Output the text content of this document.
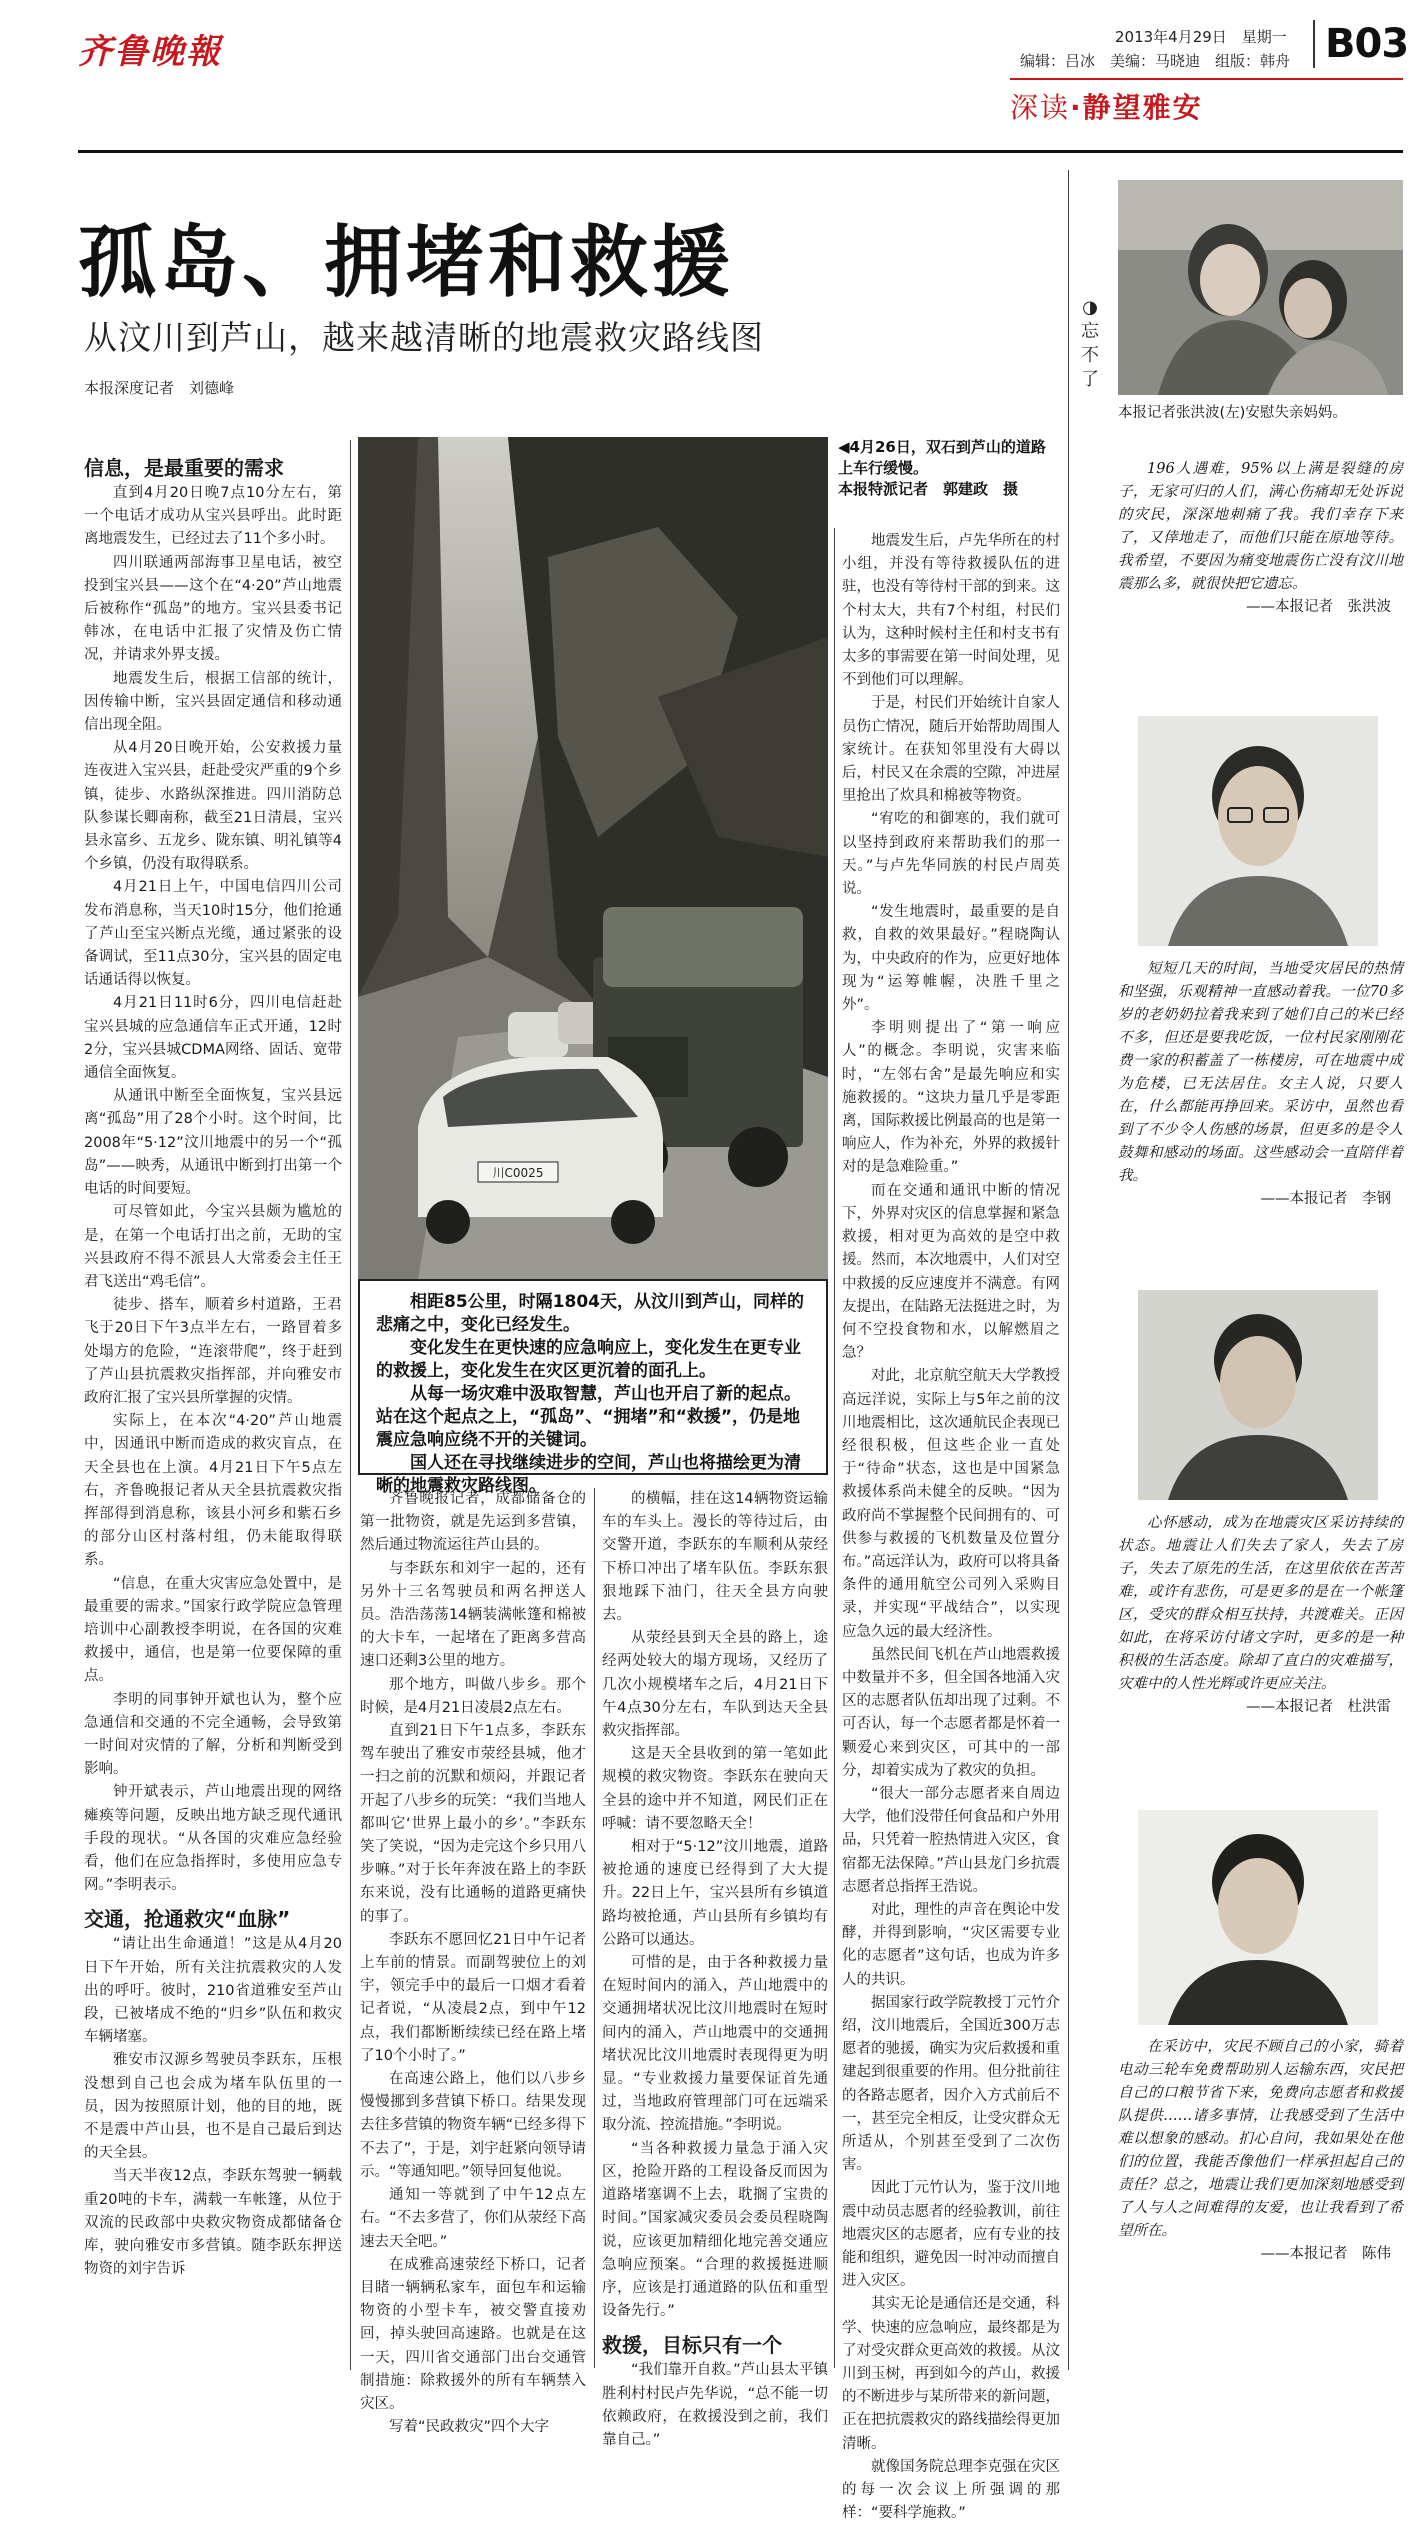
齐鲁晚報	2013年4月29日　星期一
编辑：吕冰　美编：马晓迪　组版：韩舟 B03
深读·静望雅安
孤岛、拥堵和救援
从汶川到芦山，越来越清晰的地震救灾路线图
本报深度记者　刘德峰

信息，是最重要的需求

直到4月20日晚7点10分左右，第一个电话才成功从宝兴县呼出。此时距离地震发生，已经过去了11个多小时。

四川联通两部海事卫星电话，被空投到宝兴县——这个在“4·20”芦山地震后被称作“孤岛”的地方。宝兴县委书记韩冰，在电话中汇报了灾情及伤亡情况，并请求外界支援。

地震发生后，根据工信部的统计，因传输中断，宝兴县固定通信和移动通信出现全阻。

从4月20日晚开始，公安救援力量连夜进入宝兴县，赶赴受灾严重的9个乡镇，徒步、水路纵深推进。四川消防总队参谋长卿南称，截至21日清晨，宝兴县永富乡、五龙乡、陇东镇、明礼镇等4个乡镇，仍没有取得联系。

4月21日上午，中国电信四川公司发布消息称，当天10时15分，他们抢通了芦山至宝兴断点光缆，通过紧张的设备调试，至11点30分，宝兴县的固定电话通话得以恢复。

4月21日11时6分，四川电信赶赴宝兴县城的应急通信车正式开通，12时2分，宝兴县城CDMA网络、固话、宽带通信全面恢复。

从通讯中断至全面恢复，宝兴县远离“孤岛”用了28个小时。这个时间，比2008年“5·12”汶川地震中的另一个“孤岛”——映秀，从通讯中断到打出第一个电话的时间要短。

可尽管如此，今宝兴县颇为尴尬的是，在第一个电话打出之前，无助的宝兴县政府不得不派县人大常委会主任王君飞送出“鸡毛信”。

徒步、搭车，顺着乡村道路，王君飞于20日下午3点半左右，一路冒着多处塌方的危险，“连滚带爬”，终于赶到了芦山县抗震救灾指挥部，并向雅安市政府汇报了宝兴县所掌握的灾情。

实际上，在本次“4·20”芦山地震中，因通讯中断而造成的救灾盲点，在天全县也在上演。4月21日下午5点左右，齐鲁晚报记者从天全县抗震救灾指挥部得到消息称，该县小河乡和紫石乡的部分山区村落村组，仍未能取得联系。

“信息，在重大灾害应急处置中，是最重要的需求。”国家行政学院应急管理培训中心副教授李明说，在各国的灾难救援中，通信，也是第一位要保障的重点。

李明的同事钟开斌也认为，整个应急通信和交通的不完全通畅，会导致第一时间对灾情的了解，分析和判断受到影响。

钟开斌表示，芦山地震出现的网络瘫痪等问题，反映出地方缺乏现代通讯手段的现状。“从各国的灾难应急经验看，他们在应急指挥时，多使用应急专网。”李明表示。

交通，抢通救灾“血脉”

“请让出生命通道！”这是从4月20日下午开始，所有关注抗震救灾的人发出的呼吁。彼时，210省道雅安至芦山段，已被堵成不绝的“归乡”队伍和救灾车辆堵塞。

雅安市汉源乡驾驶员李跃东，压根没想到自己也会成为堵车队伍里的一员，因为按照原计划，他的目的地，既不是震中芦山县，也不是自己最后到达的天全县。

当天半夜12点，李跃东驾驶一辆载重20吨的卡车，满载一车帐篷，从位于双流的民政部中央救灾物资成都储备仓库，驶向雅安市多营镇。随李跃东押送物资的刘宇告诉

川C0025
◀4月26日，双石到芦山的道路上车行缓慢。
本报特派记者　郭建政　摄

相距85公里，时隔1804天，从汶川到芦山，同样的悲痛之中，变化已经发生。

变化发生在更快速的应急响应上，变化发生在更专业的救援上，变化发生在灾区更沉着的面孔上。

从每一场灾难中汲取智慧，芦山也开启了新的起点。站在这个起点之上，“孤岛”、“拥堵”和“救援”，仍是地震应急响应绕不开的关键词。

国人还在寻找继续进步的空间，芦山也将描绘更为清晰的地震救灾路线图。

齐鲁晚报记者，成都储备仓的第一批物资，就是先运到多营镇，然后通过物流运往芦山县的。

与李跃东和刘宇一起的，还有另外十三名驾驶员和两名押送人员。浩浩荡荡14辆装满帐篷和棉被的大卡车，一起堵在了距离多营高速口还剩3公里的地方。

那个地方，叫做八步乡。那个时候，是4月21日凌晨2点左右。

直到21日下午1点多，李跃东驾车驶出了雅安市荥经县城，他才一扫之前的沉默和烦闷，并跟记者开起了八步乡的玩笑：“我们当地人都叫它‘世界上最小的乡’。”李跃东笑了笑说，“因为走完这个乡只用八步嘛。”对于长年奔波在路上的李跃东来说，没有比通畅的道路更痛快的事了。

李跃东不愿回忆21日中午记者上车前的情景。而副驾驶位上的刘宇，领完手中的最后一口烟才看着记者说，“从凌晨2点，到中午12点，我们都断断续续已经在路上堵了10个小时了。”

在高速公路上，他们以八步乡慢慢挪到多营镇下桥口。结果发现去往多营镇的物资车辆“已经多得下不去了”，于是，刘宇赶紧向领导请示。“等通知吧。”领导回复他说。

通知一等就到了中午12点左右。“不去多营了，你们从荥经下高速去天全吧。”

在成雅高速荥经下桥口，记者目睹一辆辆私家车，面包车和运输物资的小型卡车，被交警直接劝回，掉头驶回高速路。也就是在这一天，四川省交通部门出台交通管制措施：除救援外的所有车辆禁入灾区。

写着“民政救灾”四个大字

的横幅，挂在这14辆物资运输车的车头上。漫长的等待过后，由交警开道，李跃东的车顺利从荥经下桥口冲出了堵车队伍。李跃东狠狠地踩下油门，往天全县方向驶去。

从荥经县到天全县的路上，途经两处较大的塌方现场，又经历了几次小规模堵车之后，4月21日下午4点30分左右，车队到达天全县救灾指挥部。

这是天全县收到的第一笔如此规模的救灾物资。李跃东在驶向天全县的途中并不知道，网民们正在呼喊：请不要忽略天全！

相对于“5·12”汶川地震，道路被抢通的速度已经得到了大大提升。22日上午，宝兴县所有乡镇道路均被抢通，芦山县所有乡镇均有公路可以通达。

可惜的是，由于各种救援力量在短时间内的涌入，芦山地震中的交通拥堵状况比汶川地震时在短时间内的涌入，芦山地震中的交通拥堵状况比汶川地震时表现得更为明显。“专业救援力量要保证首先通过，当地政府管理部门可在远端采取分流、控流措施。”李明说。

“当各种救援力量急于涌入灾区，抢险开路的工程设备反而因为道路堵塞调不上去，耽搁了宝贵的时间。”国家减灾委员会委员程晓陶说，应该更加精细化地完善交通应急响应预案。“合理的救援挺进顺序，应该是打通道路的队伍和重型设备先行。”

救援，目标只有一个

“我们靠开自救。”芦山县太平镇胜利村村民卢先华说，“总不能一切依赖政府，在救援没到之前，我们靠自己。”

地震发生后，卢先华所在的村小组，并没有等待救援队伍的进驻，也没有等待村干部的到来。这个村太大，共有7个村组，村民们认为，这种时候村主任和村支书有太多的事需要在第一时间处理，见不到他们可以理解。

于是，村民们开始统计自家人员伤亡情况，随后开始帮助周围人家统计。在获知邻里没有大碍以后，村民又在余震的空隙，冲进屋里抢出了炊具和棉被等物资。

“宥吃的和御寒的，我们就可以坚持到政府来帮助我们的那一天。”与卢先华同族的村民卢周英说。

“发生地震时，最重要的是自救，自救的效果最好。”程晓陶认为，中央政府的作为，应更好地体现为“运筹帷幄，决胜千里之外”。

李明则提出了“第一响应人”的概念。李明说，灾害来临时，“左邻右舍”是最先响应和实施救援的。“这块力量几乎是零距离，国际救援比例最高的也是第一响应人，作为补充，外界的救援针对的是急难险重。”

而在交通和通讯中断的情况下，外界对灾区的信息掌握和紧急救援，相对更为高效的是空中救援。然而，本次地震中，人们对空中救援的反应速度并不满意。有网友提出，在陆路无法挺进之时，为何不空投食物和水，以解燃眉之急？

对此，北京航空航天大学教授高远洋说，实际上与5年之前的汶川地震相比，这次通航民企表现已经很积极，但这些企业一直处于“待命”状态，这也是中国紧急救援体系尚未健全的反映。“因为政府尚不掌握整个民间拥有的、可供参与救援的飞机数量及位置分布。”高远洋认为，政府可以将具备条件的通用航空公司列入采购目录，并实现“平战结合”，以实现应急久远的最大经济性。

虽然民间飞机在芦山地震救援中数量并不多，但全国各地涌入灾区的志愿者队伍却出现了过剩。不可否认，每一个志愿者都是怀着一颗爱心来到灾区，可其中的一部分，却着实成为了救灾的负担。

“很大一部分志愿者来自周边大学，他们没带任何食品和户外用品，只凭着一腔热情进入灾区，食宿都无法保障。”芦山县龙门乡抗震志愿者总指挥王浩说。

对此，理性的声音在舆论中发酵，并得到影响，“灾区需要专业化的志愿者”这句话，也成为许多人的共识。

据国家行政学院教授丁元竹介绍，汶川地震后，全国近300万志愿者的驰援，确实为灾后救援和重建起到很重要的作用。但分批前往的各路志愿者，因介入方式前后不一，甚至完全相反，让受灾群众无所适从，个别甚至受到了二次伤害。

因此丁元竹认为，鉴于汶川地震中动员志愿者的经验教训，前往地震灾区的志愿者，应有专业的技能和组织，避免因一时冲动而擅自进入灾区。

其实无论是通信还是交通，科学、快速的应急响应，最终都是为了对受灾群众更高效的救援。从汶川到玉树，再到如今的芦山，救援的不断进步与某所带来的新问题，正在把抗震救灾的路线描绘得更加清晰。

就像国务院总理李克强在灾区的每一次会议上所强调的那样：“要科学施救。”

◑忘不了
本报记者张洪波(左)安慰失亲妈妈。

196人遇难，95%以上满是裂缝的房子，无家可归的人们，满心伤痛却无处诉说的灾民，深深地刺痛了我。我们幸存下来了，又倖地走了，而他们只能在原地等待。我希望，不要因为痛变地震伤亡没有汶川地震那么多，就很快把它遗忘。

——本报记者　张洪波

短短几天的时间，当地受灾居民的热情和坚强，乐观精神一直感动着我。一位70多岁的老奶奶拉着我来到了她们自己的米已经不多，但还是要我吃饭，一位村民家刚刚花费一家的积蓄盖了一栋楼房，可在地震中成为危楼，已无法居住。女主人说，只要人在，什么都能再挣回来。采访中，虽然也看到了不少令人伤感的场景，但更多的是令人鼓舞和感动的场面。这些感动会一直陪伴着我。

——本报记者　李钢

心怀感动，成为在地震灾区采访持续的状态。地震让人们失去了家人，失去了房子，失去了原先的生活，在这里依依在苦苦难，或许有悲伤，可是更多的是在一个帐篷区，受灾的群众相互扶持，共渡难关。正因如此，在将采访付诸文字时，更多的是一种积极的生活态度。除却了直白的灾难描写，灾难中的人性光辉或许更应关注。

——本报记者　杜洪雷

在采访中，灾民不顾自己的小家，骑着电动三轮车免费帮助别人运输东西，灾民把自己的口粮节省下来，免费向志愿者和救援队提供……诸多事情，让我感受到了生活中难以想象的感动。扪心自问，我如果处在他们的位置，我能否像他们一样承担起自己的责任？总之，地震让我们更加深刻地感受到了人与人之间难得的友爱，也让我看到了希望所在。

——本报记者　陈伟
